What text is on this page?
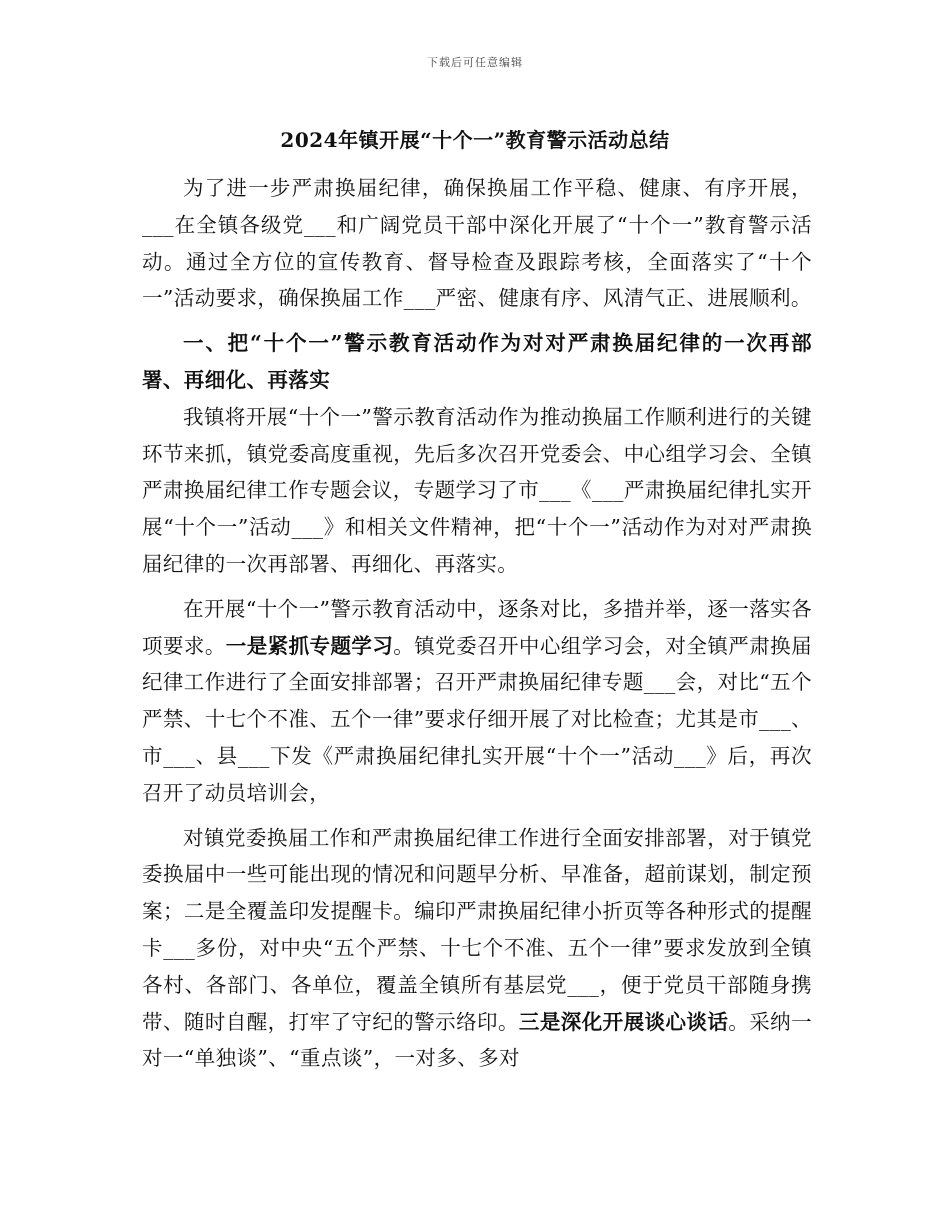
下载后可任意编辑
2024年镇开展“十个一”教育警示活动总结

为了进一步严肃换届纪律，确保换届工作平稳、健康、有序开展，___在全镇各级党___和广阔党员干部中深化开展了“十个一”教育警示活动。通过全方位的宣传教育、督导检查及跟踪考核，全面落实了“十个一”活动要求，确保换届工作___严密、健康有序、风清气正、进展顺利。

一、把“十个一”警示教育活动作为对对严肃换届纪律的一次再部署、再细化、再落实

我镇将开展“十个一”警示教育活动作为推动换届工作顺利进行的关键环节来抓，镇党委高度重视，先后多次召开党委会、中心组学习会、全镇严肃换届纪律工作专题会议，专题学习了市___《___严肃换届纪律扎实开展“十个一”活动___》和相关文件精神，把“十个一”活动作为对对严肃换届纪律的一次再部署、再细化、再落实。

在开展“十个一”警示教育活动中，逐条对比，多措并举，逐一落实各项要求。一是紧抓专题学习。镇党委召开中心组学习会，对全镇严肃换届纪律工作进行了全面安排部署；召开严肃换届纪律专题___会，对比“五个严禁、十七个不准、五个一律”要求仔细开展了对比检查；尤其是市___、市___、县___下发《严肃换届纪律扎实开展“十个一”活动___》后，再次召开了动员培训会，

对镇党委换届工作和严肃换届纪律工作进行全面安排部署，对于镇党委换届中一些可能出现的情况和问题早分析、早准备，超前谋划，制定预案；二是全覆盖印发提醒卡。编印严肃换届纪律小折页等各种形式的提醒卡___多份，对中央“五个严禁、十七个不准、五个一律”要求发放到全镇各村、各部门、各单位，覆盖全镇所有基层党___，便于党员干部随身携带、随时自醒，打牢了守纪的警示络印。三是深化开展谈心谈话。采纳一对一“单独谈”、“重点谈”，一对多、多对
